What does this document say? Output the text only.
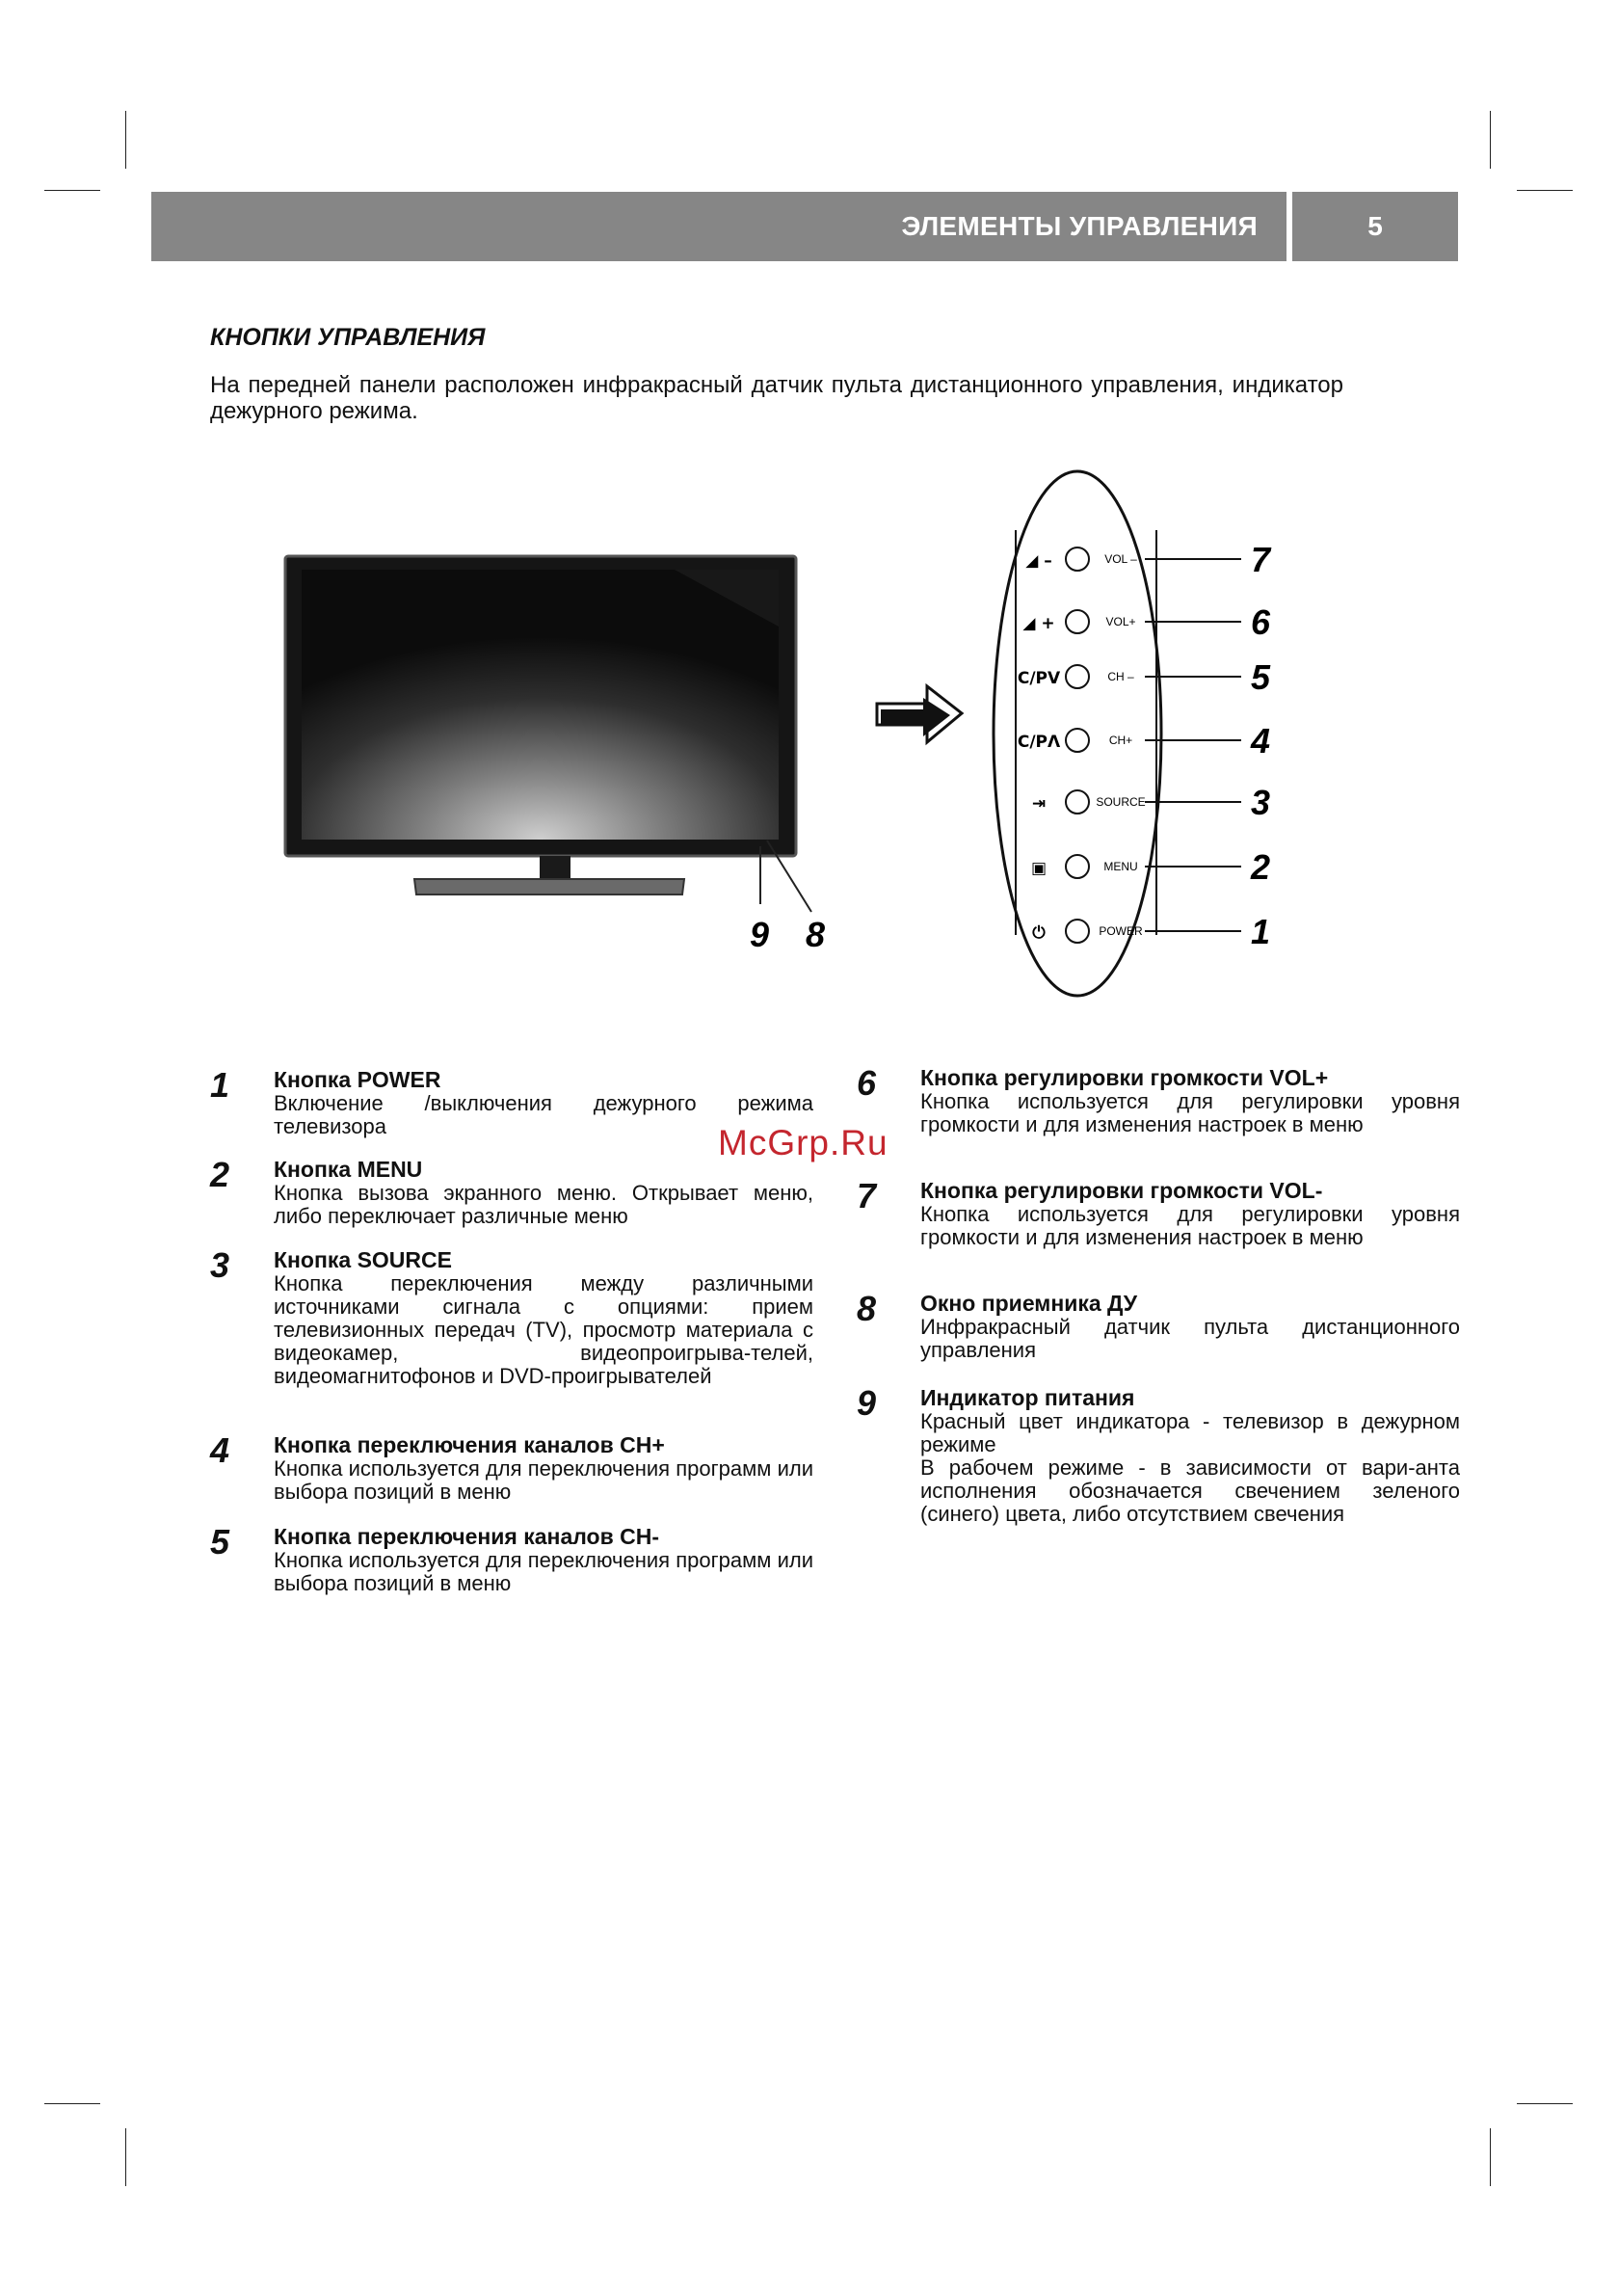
ЭЛЕМЕНТЫ УПРАВЛЕНИЯ	5
КНОПКИ УПРАВЛЕНИЯ
На передней панели расположен инфракрасный датчик пульта дистанционного управления, индикатор дежурного режима.
9 8
◢ –	VOL –	7
◢ +	VOL+	6
C/PV	CH –	5
C/PΛ	CH+	4
⇥	SOURCE	3
▣	MENU	2
⏻	POWER	1
McGrp.Ru
1 Кнопка POWER
Включение /выключения дежурного режима телевизора
2 Кнопка MENU
Кнопка вызова экранного меню. Открывает меню, либо переключает различные меню
3 Кнопка SOURCE
Кнопка переключения между различными источниками сигнала с опциями: прием телевизионных передач (TV), просмотр материала с видеокамер, видеопроигрыва-телей, видеомагнитофонов и DVD-проигрывателей
4 Кнопка переключения каналов CH+
Кнопка используется для переключения программ или выбора позиций в меню
5 Кнопка переключения каналов CH-
Кнопка используется для переключения программ или выбора позиций в меню
6 Кнопка регулировки громкости VOL+
Кнопка используется для регулировки уровня громкости и для изменения настроек в меню
7 Кнопка регулировки громкости VOL-
Кнопка используется для регулировки уровня громкости и для изменения настроек в меню
8 Окно приемника ДУ
Инфракрасный датчик пульта дистанционного управления
9 Индикатор питания
Красный цвет индикатора - телевизор в дежурном режиме
В рабочем режиме - в зависимости от вари-анта исполнения обозначается свечением зеленого (синего) цвета, либо отсутствием свечения
